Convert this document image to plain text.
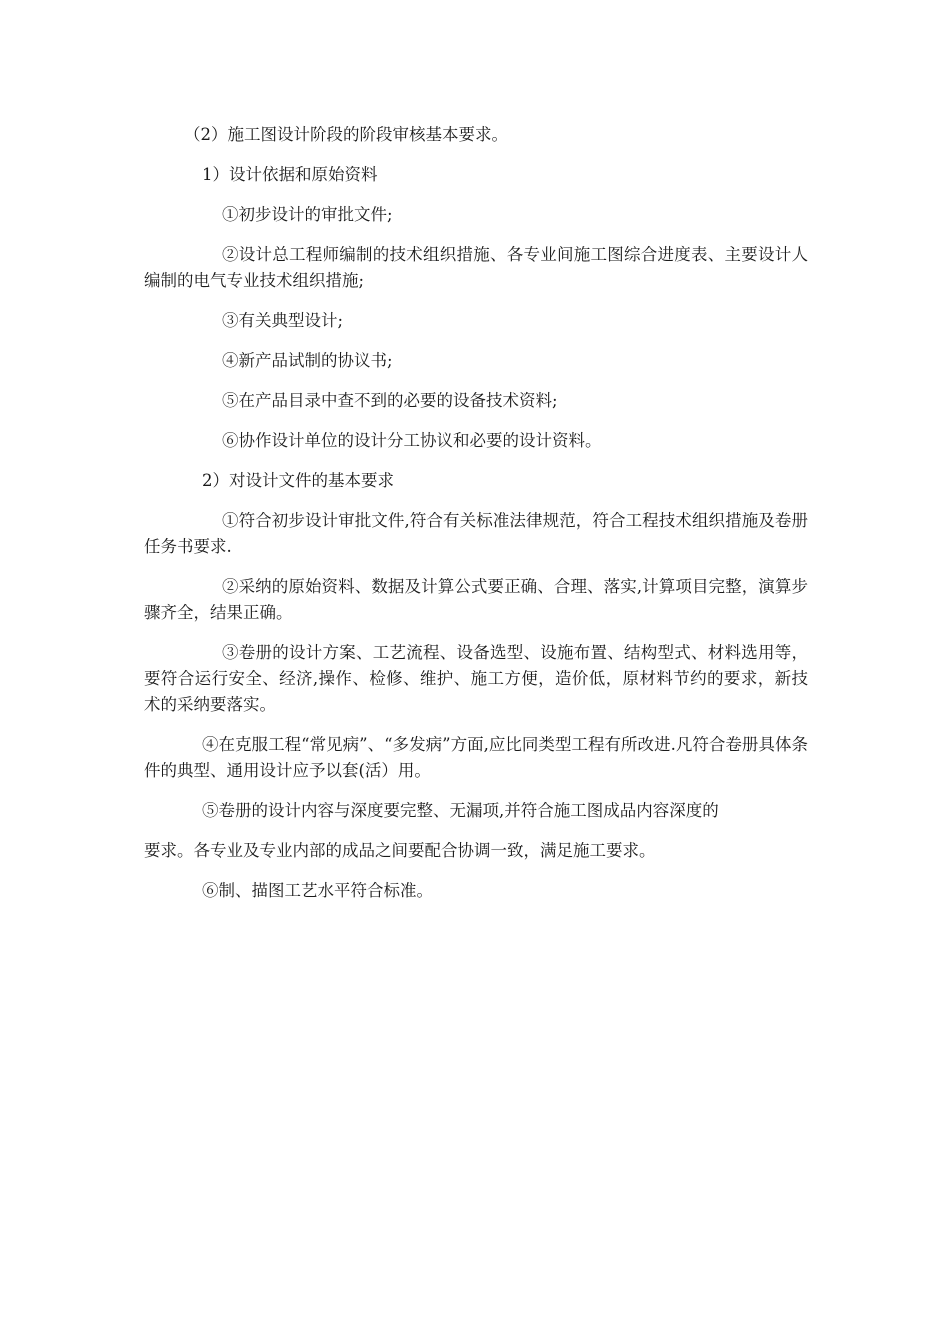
（2）施工图设计阶段的阶段审核基本要求。

1）设计依据和原始资料

①初步设计的审批文件;

②设计总工程师编制的技术组织措施、各专业间施工图综合进度表、主要设计人编制的电气专业技术组织措施;

③有关典型设计;

④新产品试制的协议书;

⑤在产品目录中查不到的必要的设备技术资料;

⑥协作设计单位的设计分工协议和必要的设计资料。

2）对设计文件的基本要求

①符合初步设计审批文件,符合有关标准法律规范，符合工程技术组织措施及卷册任务书要求.

②采纳的原始资料、数据及计算公式要正确、合理、落实,计算项目完整，演算步骤齐全，结果正确。

③卷册的设计方案、工艺流程、设备选型、设施布置、结构型式、材料选用等，要符合运行安全、经济,操作、检修、维护、施工方便，造价低，原材料节约的要求，新技术的采纳要落实。

④在克服工程“常见病”、“多发病”方面,应比同类型工程有所改进.凡符合卷册具体条件的典型、通用设计应予以套(活）用。

⑤卷册的设计内容与深度要完整、无漏项,并符合施工图成品内容深度的

要求。各专业及专业内部的成品之间要配合协调一致，满足施工要求。

⑥制、描图工艺水平符合标准。
